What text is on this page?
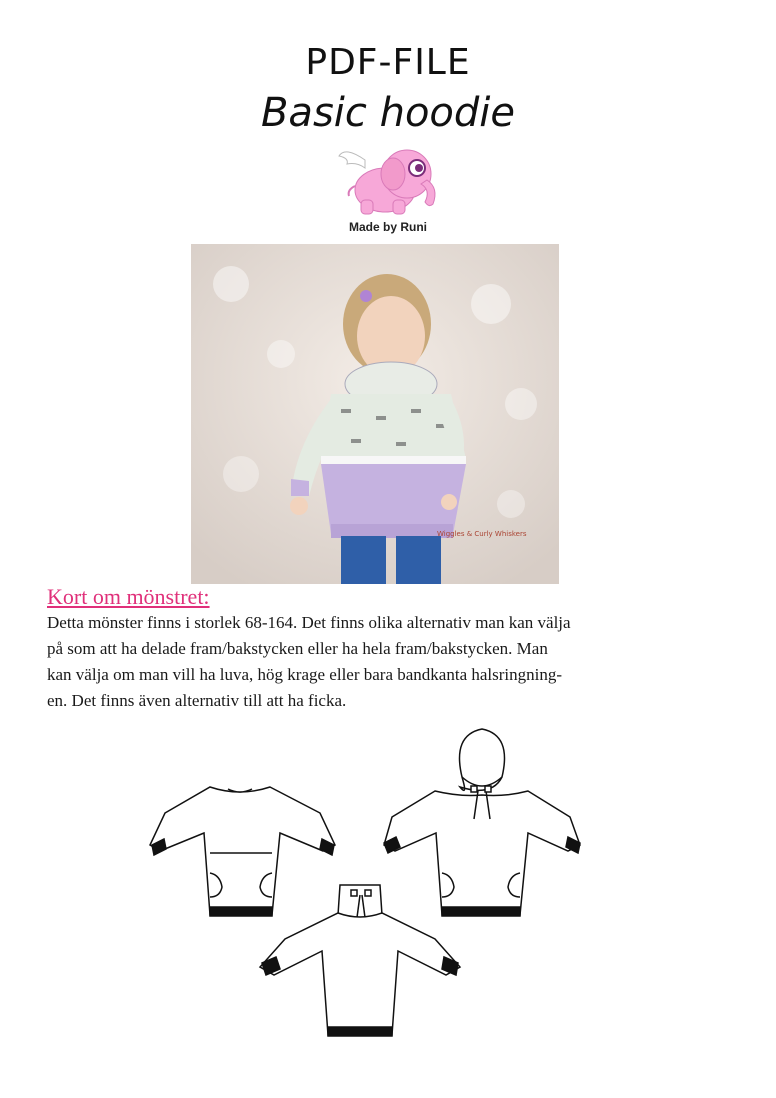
PDF-FILE
Basic hoodie
Made by Runi
Wiggles & Curly Whiskers
Kort om mönstret:

Detta mönster finns i storlek 68-164. Det finns olika alternativ man kan välja
på som att ha delade fram/bakstycken eller ha hela fram/bakstycken. Man
kan välja om man vill ha luva, hög krage eller bara bandkanta halsringning-
en. Det finns även alternativ till att ha ficka.
